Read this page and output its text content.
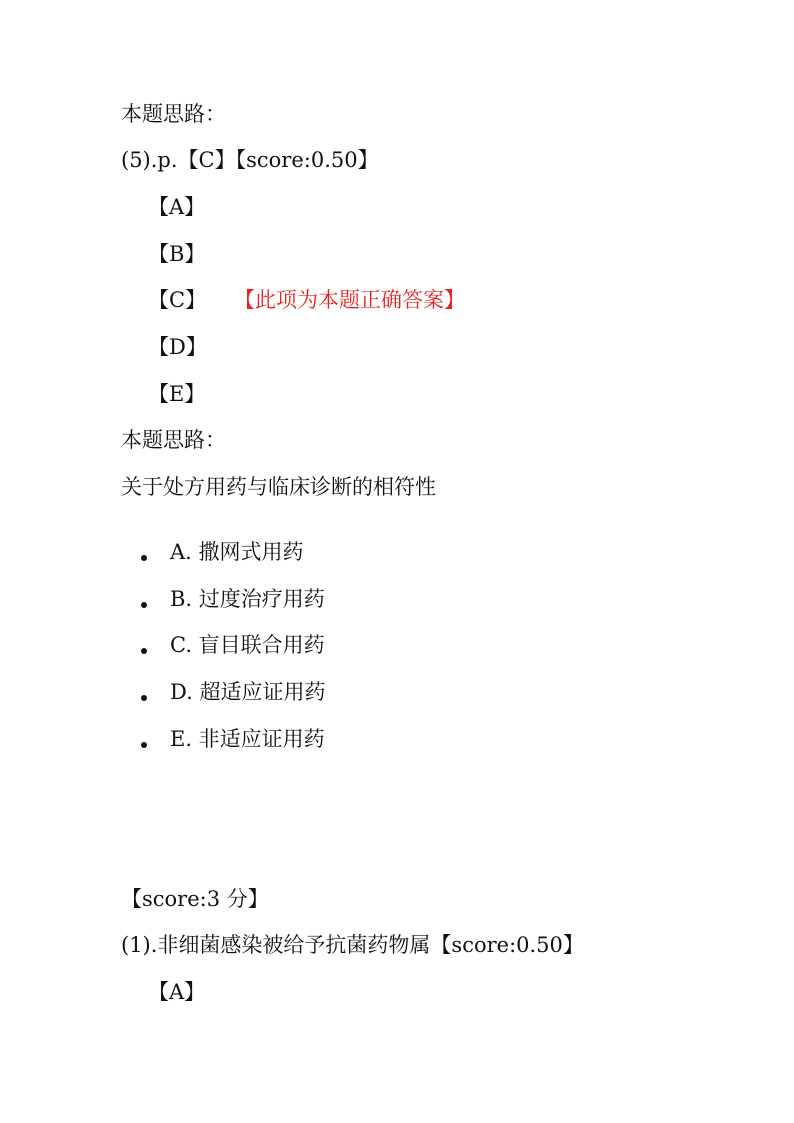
本题思路：
(5).p.【C】【score:0.50】
【A】
【B】
【C】 【此项为本题正确答案】
【D】
【E】
本题思路：
关于处方用药与临床诊断的相符性
A. 撒网式用药
B. 过度治疗用药
C. 盲目联合用药
D. 超适应证用药
E. 非适应证用药
【score:3 分】
(1).非细菌感染被给予抗菌药物属【score:0.50】
【A】
